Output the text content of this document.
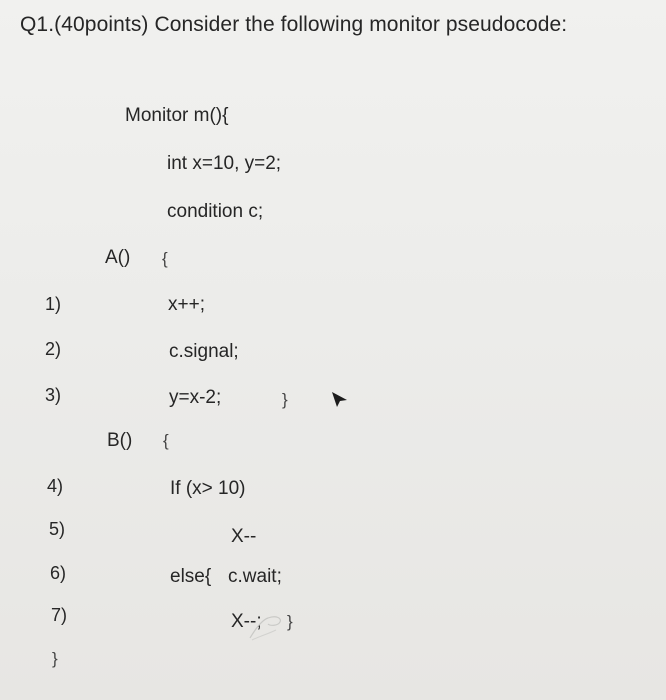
Q1.(40points) Consider the following monitor pseudocode:
Monitor m(){
int x=10, y=2;
condition c;
A() {
1)	x++;
2)	c.signal;
3)	y=x-2;	}
B() {
4)	If (x> 10)
5)	X--
6)	else{ c.wait;
7)	X--; }
}
